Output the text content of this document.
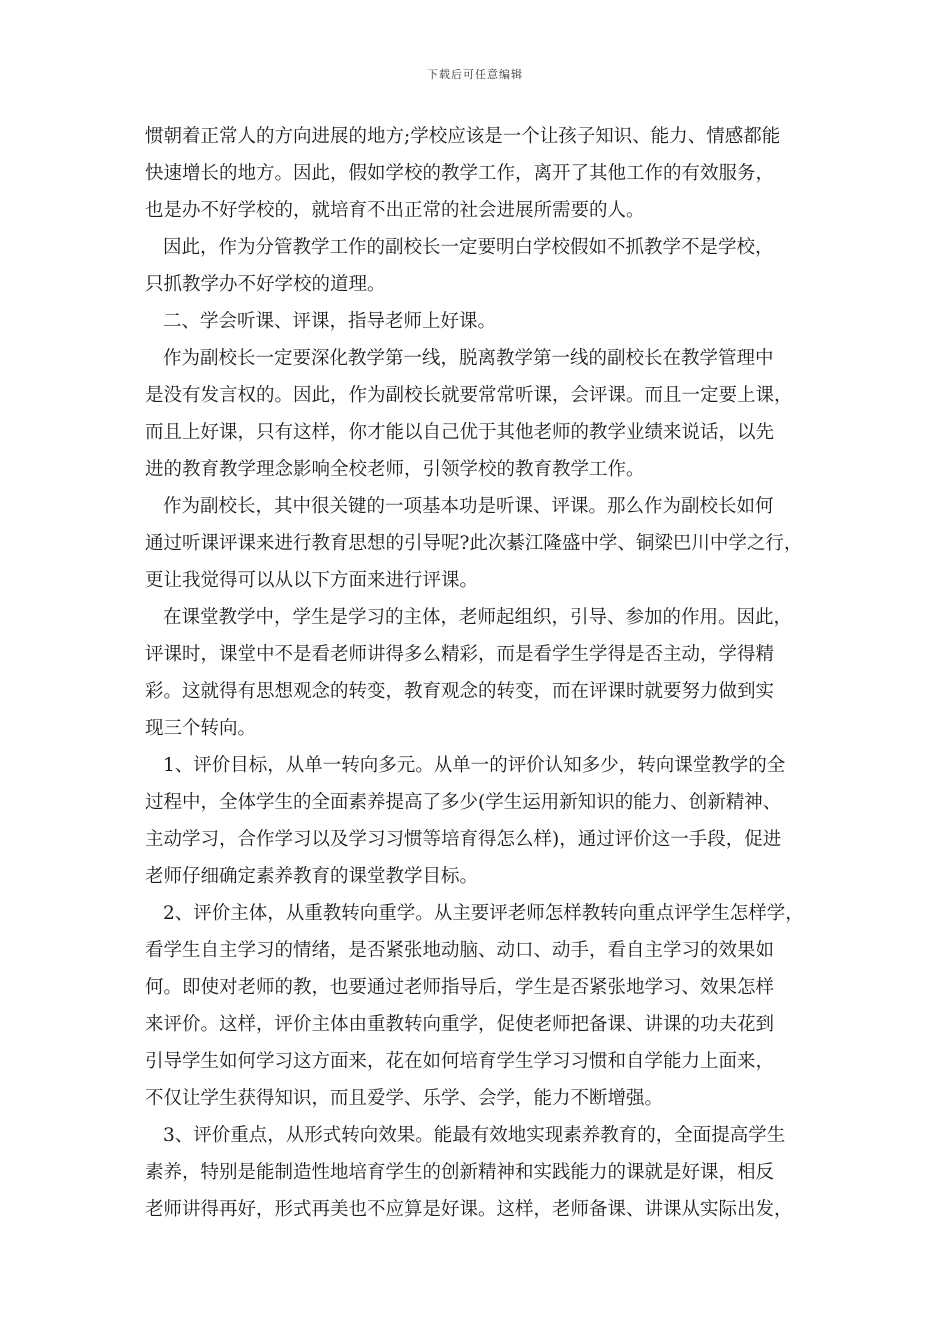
下载后可任意编辑
惯朝着正常人的方向进展的地方;学校应该是一个让孩子知识、能力、情感都能
快速增长的地方。因此，假如学校的教学工作，离开了其他工作的有效服务，
也是办不好学校的，就培育不出正常的社会进展所需要的人。
因此，作为分管教学工作的副校长一定要明白学校假如不抓教学不是学校，
只抓教学办不好学校的道理。
二、学会听课、评课，指导老师上好课。
作为副校长一定要深化教学第一线，脱离教学第一线的副校长在教学管理中
是没有发言权的。因此，作为副校长就要常常听课，会评课。而且一定要上课，
而且上好课，只有这样，你才能以自己优于其他老师的教学业绩来说话，以先
进的教育教学理念影响全校老师，引领学校的教育教学工作。
作为副校长，其中很关键的一项基本功是听课、评课。那么作为副校长如何
通过听课评课来进行教育思想的引导呢?此次綦江隆盛中学、铜梁巴川中学之行，
更让我觉得可以从以下方面来进行评课。
在课堂教学中，学生是学习的主体，老师起组织，引导、参加的作用。因此，
评课时，课堂中不是看老师讲得多么精彩，而是看学生学得是否主动，学得精
彩。这就得有思想观念的转变，教育观念的转变，而在评课时就要努力做到实
现三个转向。
1、评价目标，从单一转向多元。从单一的评价认知多少，转向课堂教学的全
过程中，全体学生的全面素养提高了多少(学生运用新知识的能力、创新精神、
主动学习，合作学习以及学习习惯等培育得怎么样)，通过评价这一手段，促进
老师仔细确定素养教育的课堂教学目标。
2、评价主体，从重教转向重学。从主要评老师怎样教转向重点评学生怎样学，
看学生自主学习的情绪，是否紧张地动脑、动口、动手，看自主学习的效果如
何。即使对老师的教，也要通过老师指导后，学生是否紧张地学习、效果怎样
来评价。这样，评价主体由重教转向重学，促使老师把备课、讲课的功夫花到
引导学生如何学习这方面来，花在如何培育学生学习习惯和自学能力上面来，
不仅让学生获得知识，而且爱学、乐学、会学，能力不断增强。
3、评价重点，从形式转向效果。能最有效地实现素养教育的，全面提高学生
素养，特别是能制造性地培育学生的创新精神和实践能力的课就是好课，相反
老师讲得再好，形式再美也不应算是好课。这样，老师备课、讲课从实际出发，
